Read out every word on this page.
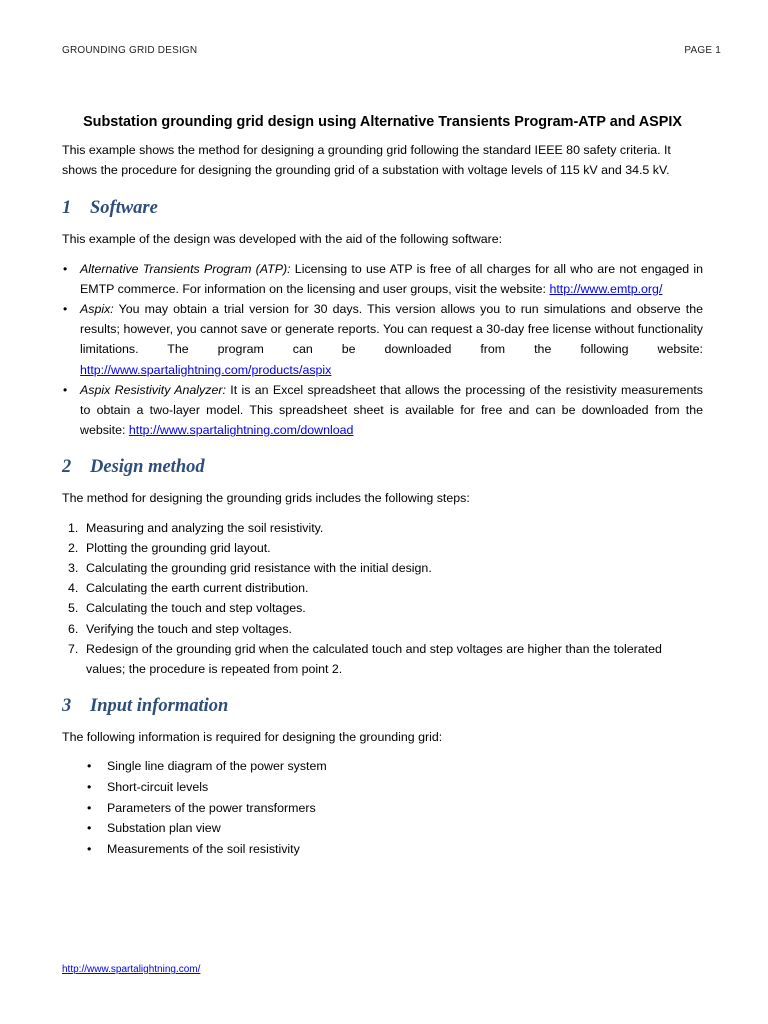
GROUNDING GRID DESIGN	PAGE 1
Substation grounding grid design using Alternative Transients Program-ATP and ASPIX

This example shows the method for designing a grounding grid following the standard IEEE 80 safety criteria. It shows the procedure for designing the grounding grid of a substation with voltage levels of 115 kV and 34.5 kV.

1 Software

This example of the design was developed with the aid of the following software:

• Alternative Transients Program (ATP): Licensing to use ATP is free of all charges for all who are not engaged in EMTP commerce. For information on the licensing and user groups, visit the website: http://www.emtp.org/
• Aspix: You may obtain a trial version for 30 days. This version allows you to run simulations and observe the results; however, you cannot save or generate reports. You can request a 30-day free license without functionality limitations. The program can be downloaded from the following website: http://www.spartalightning.com/products/aspix
• Aspix Resistivity Analyzer: It is an Excel spreadsheet that allows the processing of the resistivity measurements to obtain a two-layer model. This spreadsheet sheet is available for free and can be downloaded from the website: http://www.spartalightning.com/download
2 Design method

The method for designing the grounding grids includes the following steps:

1. Measuring and analyzing the soil resistivity.
2. Plotting the grounding grid layout.
3. Calculating the grounding grid resistance with the initial design.
4. Calculating the earth current distribution.
5. Calculating the touch and step voltages.
6. Verifying the touch and step voltages.
7. Redesign of the grounding grid when the calculated touch and step voltages are higher than the tolerated values; the procedure is repeated from point 2.
3 Input information

The following information is required for designing the grounding grid:

• Single line diagram of the power system
• Short-circuit levels
• Parameters of the power transformers
• Substation plan view
• Measurements of the soil resistivity
http://www.spartalightning.com/
